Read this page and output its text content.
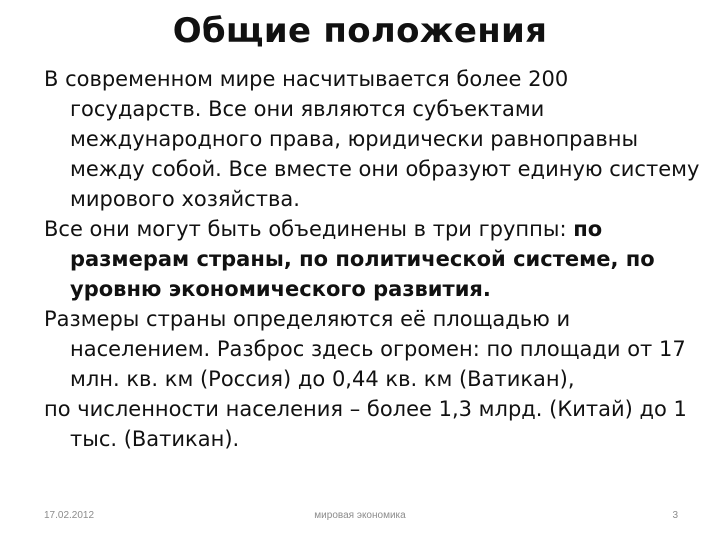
Общие положения

В современном мире насчитывается более 200 государств. Все они являются субъектами международного права, юридически равноправны между собой. Все вместе они образуют единую систему мирового хозяйства.

Все они могут быть объединены в три группы: по размерам страны, по политической системе, по уровню экономического развития.

Размеры страны определяются её площадью и населением. Разброс здесь огромен: по площади от 17 млн. кв. км (Россия) до 0,44 кв. км (Ватикан),

по численности населения – более 1,3 млрд. (Китай) до 1 тыс. (Ватикан).

17.02.2012	мировая экономика	3
